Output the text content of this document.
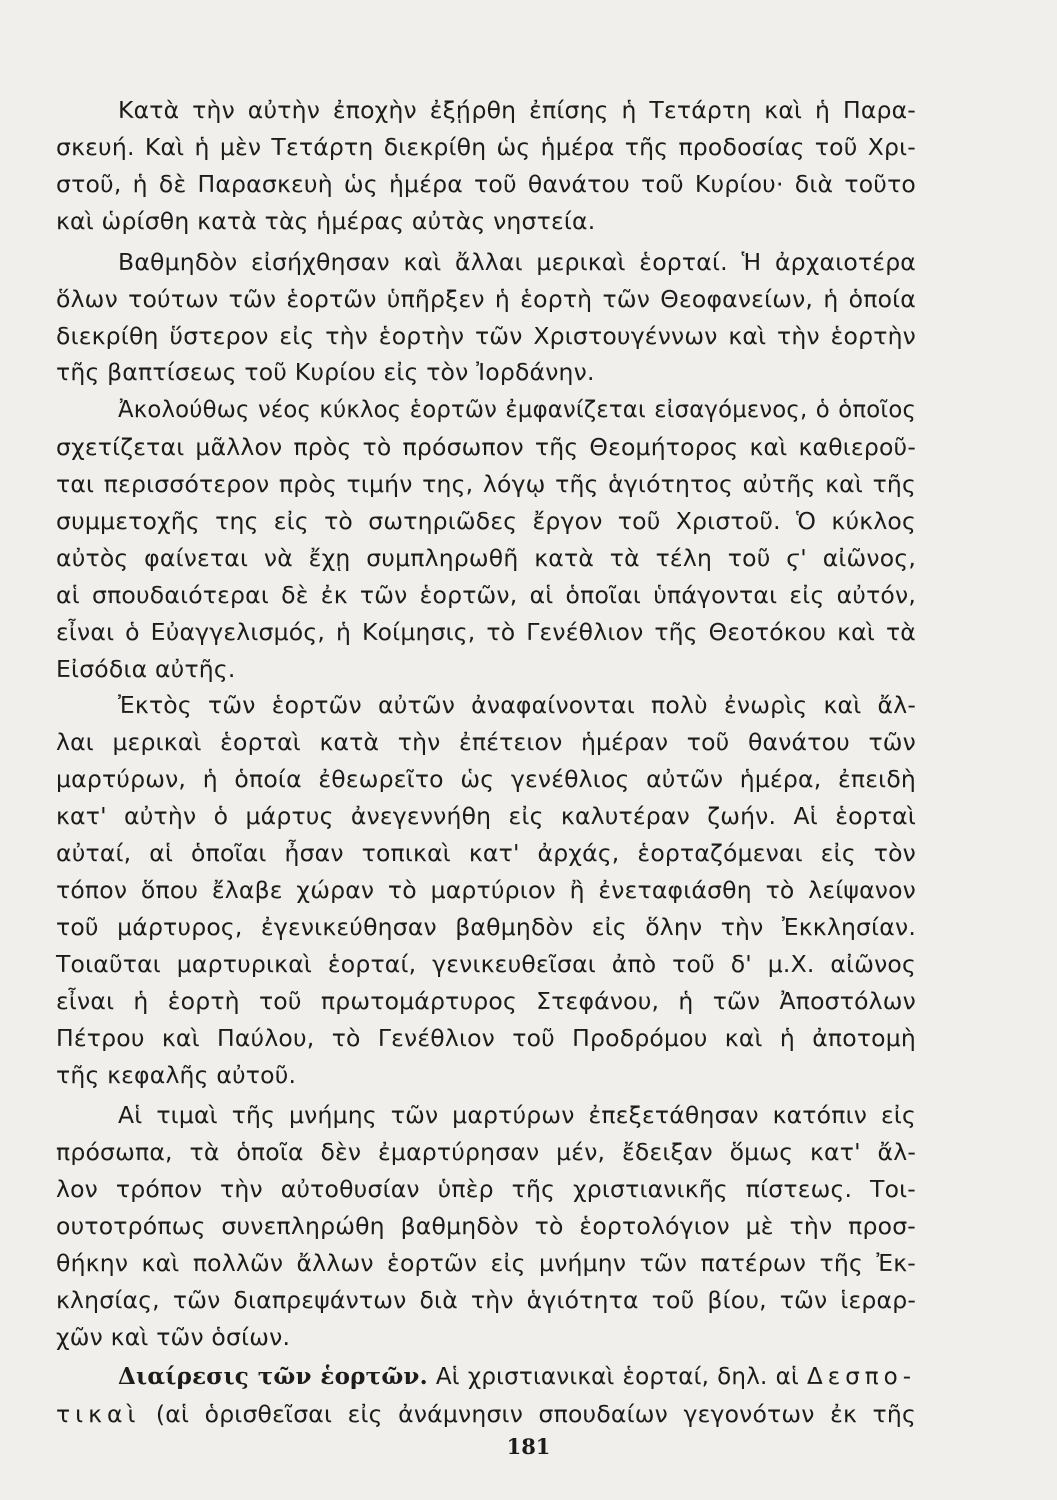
Κατὰ τὴν αὐτὴν ἐποχὴν ἐξῄρθη ἐπίσης ἡ Τετάρτη καὶ ἡ Παρα-
σκευή. Καὶ ἡ μὲν Τετάρτη διεκρίθη ὡς ἡμέρα τῆς προδοσίας τοῦ Χρι-
στοῦ, ἡ δὲ Παρασκευὴ ὡς ἡμέρα τοῦ θανάτου τοῦ Κυρίου· διὰ τοῦτο
καὶ ὡρίσθη κατὰ τὰς ἡμέρας αὐτὰς νηστεία.
Βαθμηδὸν εἰσήχθησαν καὶ ἄλλαι μερικαὶ ἑορταί. Ἡ ἀρχαιοτέρα
ὅλων τούτων τῶν ἑορτῶν ὑπῆρξεν ἡ ἑορτὴ τῶν Θεοφανείων, ἡ ὁποία
διεκρίθη ὕστερον εἰς τὴν ἑορτὴν τῶν Χριστουγέννων καὶ τὴν ἑορτὴν
τῆς βαπτίσεως τοῦ Κυρίου εἰς τὸν Ἰορδάνην.
Ἀκολούθως νέος κύκλος ἑορτῶν ἐμφανίζεται εἰσαγόμενος, ὁ ὁποῖος
σχετίζεται μᾶλλον πρὸς τὸ πρόσωπον τῆς Θεομήτορος καὶ καθιεροῦ-
ται περισσότερον πρὸς τιμήν της, λόγῳ τῆς ἁγιότητος αὐτῆς καὶ τῆς
συμμετοχῆς της εἰς τὸ σωτηριῶδες ἔργον τοῦ Χριστοῦ. Ὁ κύκλος
αὐτὸς φαίνεται νὰ ἔχῃ συμπληρωθῆ κατὰ τὰ τέλη τοῦ ϛ' αἰῶνος,
αἱ σπουδαιότεραι δὲ ἐκ τῶν ἑορτῶν, αἱ ὁποῖαι ὑπάγονται εἰς αὐτόν,
εἶναι ὁ Εὐαγγελισμός, ἡ Κοίμησις, τὸ Γενέθλιον τῆς Θεοτόκου καὶ τὰ
Εἰσόδια αὐτῆς.
Ἐκτὸς τῶν ἑορτῶν αὐτῶν ἀναφαίνονται πολὺ ἐνωρὶς καὶ ἄλ-
λαι μερικαὶ ἑορταὶ κατὰ τὴν ἐπέτειον ἡμέραν τοῦ θανάτου τῶν
μαρτύρων, ἡ ὁποία ἐθεωρεῖτο ὡς γενέθλιος αὐτῶν ἡμέρα, ἐπειδὴ
κατ' αὐτὴν ὁ μάρτυς ἀνεγεννήθη εἰς καλυτέραν ζωήν. Αἱ ἑορταὶ
αὐταί, αἱ ὁποῖαι ἦσαν τοπικαὶ κατ' ἀρχάς, ἑορταζόμεναι εἰς τὸν
τόπον ὅπου ἔλαβε χώραν τὸ μαρτύριον ἢ ἐνεταφιάσθη τὸ λείψανον
τοῦ μάρτυρος, ἐγενικεύθησαν βαθμηδὸν εἰς ὅλην τὴν Ἐκκλησίαν.
Τοιαῦται μαρτυρικαὶ ἑορταί, γενικευθεῖσαι ἀπὸ τοῦ δ' μ.Χ. αἰῶνος
εἶναι ἡ ἑορτὴ τοῦ πρωτομάρτυρος Στεφάνου, ἡ τῶν Ἀποστόλων
Πέτρου καὶ Παύλου, τὸ Γενέθλιον τοῦ Προδρόμου καὶ ἡ ἀποτομὴ
τῆς κεφαλῆς αὐτοῦ.
Αἱ τιμαὶ τῆς μνήμης τῶν μαρτύρων ἐπεξετάθησαν κατόπιν εἰς
πρόσωπα, τὰ ὁποῖα δὲν ἐμαρτύρησαν μέν, ἔδειξαν ὅμως κατ' ἄλ-
λον τρόπον τὴν αὐτοθυσίαν ὑπὲρ τῆς χριστιανικῆς πίστεως. Τοι-
ουτοτρόπως συνεπληρώθη βαθμηδὸν τὸ ἑορτολόγιον μὲ τὴν προσ-
θήκην καὶ πολλῶν ἄλλων ἑορτῶν εἰς μνήμην τῶν πατέρων τῆς Ἐκ-
κλησίας, τῶν διαπρεψάντων διὰ τὴν ἁγιότητα τοῦ βίου, τῶν ἱεραρ-
χῶν καὶ τῶν ὁσίων.
Διαίρεσις τῶν ἑορτῶν. Αἱ χριστιανικαὶ ἑορταί, δηλ. αἱ Δεσπο-
τικαὶ (αἱ ὁρισθεῖσαι εἰς ἀνάμνησιν σπουδαίων γεγονότων ἐκ τῆς
181
